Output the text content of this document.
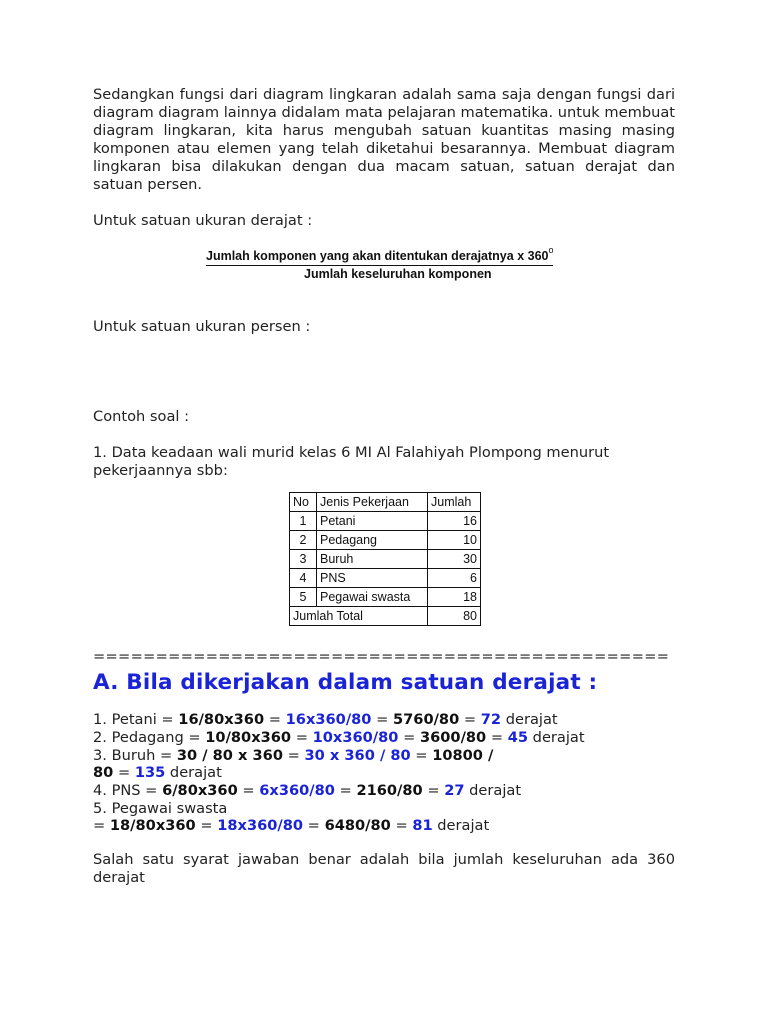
Sedangkan fungsi dari diagram lingkaran adalah sama saja dengan fungsi dari diagram diagram lainnya didalam mata pelajaran matematika. untuk membuat diagram lingkaran, kita harus mengubah satuan kuantitas masing masing komponen atau elemen yang telah diketahui besarannya. Membuat diagram lingkaran bisa dilakukan dengan dua macam satuan, satuan derajat dan satuan persen.

Untuk satuan ukuran derajat :

Jumlah komponen yang akan ditentukan derajatnya x 360$^o$
Jumlah keseluruhan komponen

Untuk satuan ukuran persen :

Contoh soal :

1. Data keadaan wali murid kelas 6 MI Al Falahiyah Plompong menurut pekerjaannya sbb:

No	Jenis Pekerjaan	Jumlah
1	Petani	16
2	Pedagang	10
3	Buruh	30
4	PNS	6
5	Pegawai swasta	18
Jumlah Total		80

==============================================

A. Bila dikerjakan dalam satuan derajat :
1. Petani = 16/80x360 = 16x360/80 = 5760/80 = 72 derajat
2. Pedagang = 10/80x360 = 10x360/80 = 3600/80 = 45 derajat
3. Buruh = 30 / 80 x 360 = 30 x 360 / 80 = 10800 /
80 = 135 derajat
4. PNS = 6/80x360 = 6x360/80 = 2160/80 = 27 derajat
5. Pegawai swasta
= 18/80x360 = 18x360/80 = 6480/80 = 81 derajat

Salah satu syarat jawaban benar adalah bila jumlah keseluruhan ada 360 derajat
